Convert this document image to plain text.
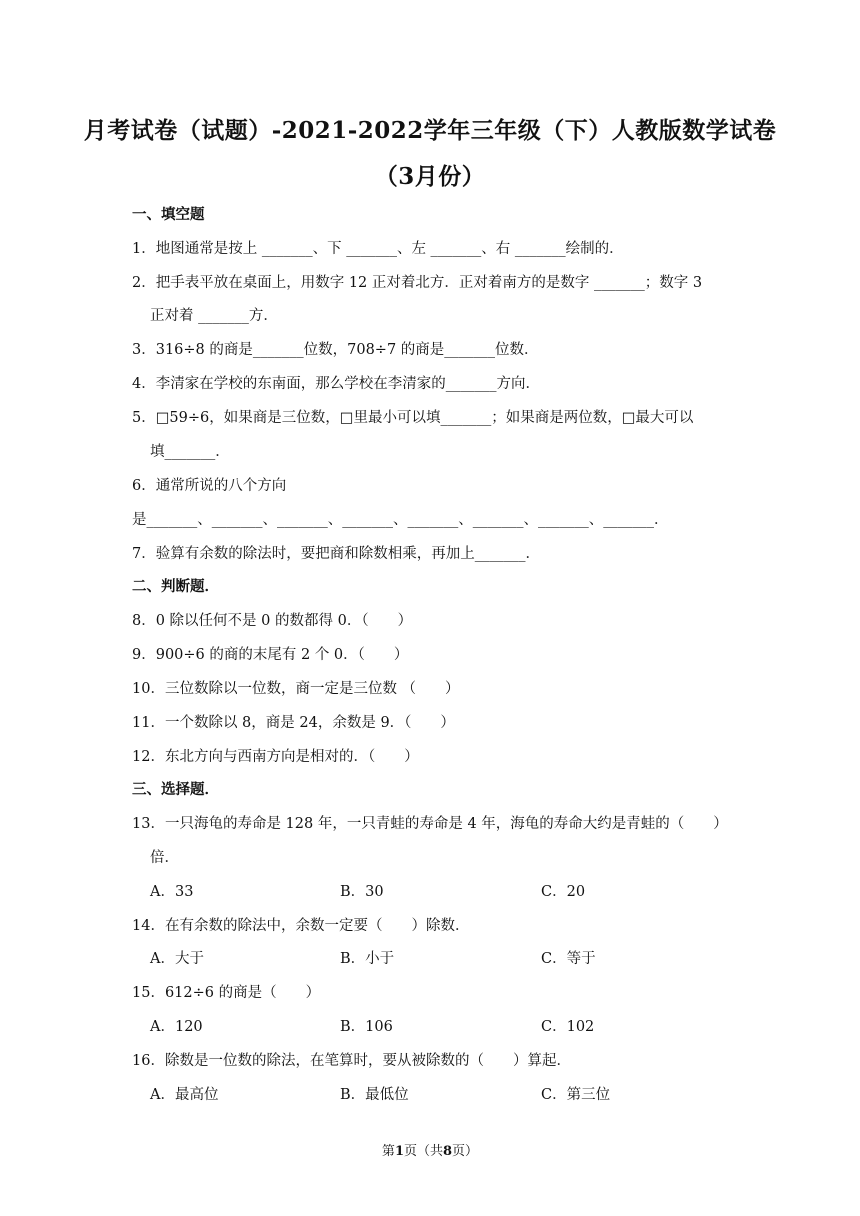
月考试卷（试题）-2021-2022学年三年级（下）人教版数学试卷
（3月份）
一、填空题
1．地图通常是按上 _______、下 _______、左 _______、右 _______绘制的．
2．把手表平放在桌面上，用数字 12 正对着北方．正对着南方的是数字 _______；数字 3
正对着 _______方．
3．316÷8 的商是_______位数，708÷7 的商是_______位数．
4．李清家在学校的东南面，那么学校在李清家的_______方向．
5．□59÷6，如果商是三位数，□里最小可以填_______；如果商是两位数，□最大可以
填_______．
6．通常所说的八个方向
是_______、_______、_______、_______、_______、_______、_______、_______．
7．验算有余数的除法时，要把商和除数相乘，再加上_______．
二、判断题．
8．0 除以任何不是 0 的数都得 0．（　　）
9．900÷6 的商的末尾有 2 个 0．（　　）
10．三位数除以一位数，商一定是三位数 （　　）
11．一个数除以 8，商是 24，余数是 9．（　　）
12．东北方向与西南方向是相对的．（　　）
三、选择题．
13．一只海龟的寿命是 128 年，一只青蛙的寿命是 4 年，海龟的寿命大约是青蛙的（　　）
倍．
A．33	B．30	C．20
14．在有余数的除法中，余数一定要（　　）除数．
A．大于	B．小于	C．等于
15．612÷6 的商是（　　）
A．120	B．106	C．102
16．除数是一位数的除法，在笔算时，要从被除数的（　　）算起．
A．最高位	B．最低位	C．第三位
第1页（共8页）
